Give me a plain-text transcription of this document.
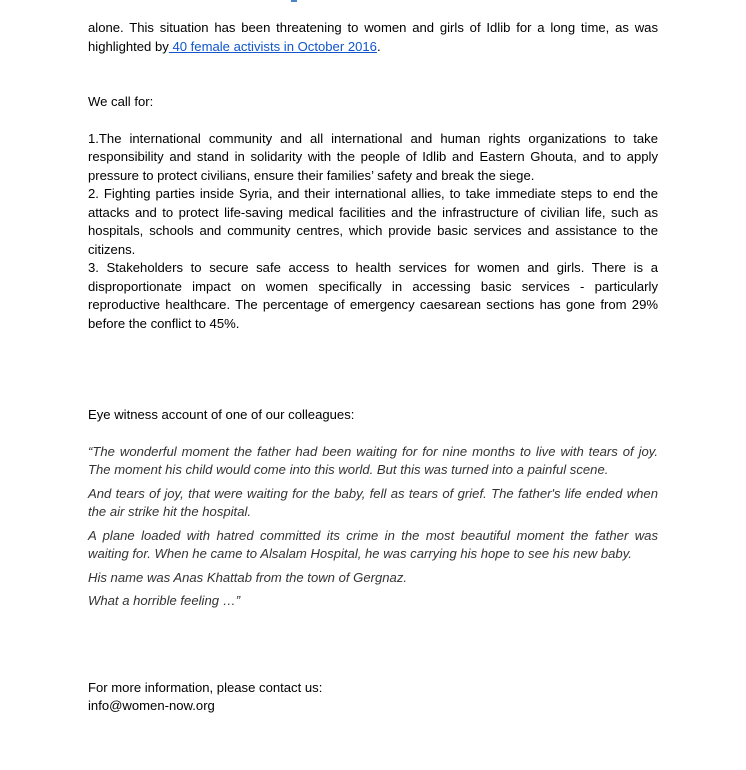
alone. This situation has been threatening to women and girls of Idlib for a long time, as was highlighted by 40 female activists in October 2016.

We call for:

1.The international community and all international and human rights organizations to take responsibility and stand in solidarity with the people of Idlib and Eastern Ghouta, and to apply pressure to protect civilians, ensure their families’ safety and break the siege.

2. Fighting parties inside Syria, and their international allies, to take immediate steps to end the attacks and to protect life-saving medical facilities and the infrastructure of civilian life, such as hospitals, schools and community centres, which provide basic services and assistance to the citizens.

3. Stakeholders to secure safe access to health services for women and girls. There is a disproportionate impact on women specifically in accessing basic services - particularly reproductive healthcare. The percentage of emergency caesarean sections has gone from 29% before the conflict to 45%.

Eye witness account of one of our colleagues:

“The wonderful moment the father had been waiting for for nine months to live with tears of joy. The moment his child would come into this world. But this was turned into a painful scene.

And tears of joy, that were waiting for the baby, fell as tears of grief. The father's life ended when the air strike hit the hospital.

A plane loaded with hatred committed its crime in the most beautiful moment the father was waiting for. When he came to Alsalam Hospital, he was carrying his hope to see his new baby.

His name was Anas Khattab from the town of Gergnaz.

What a horrible feeling …”

For more information, please contact us:

info@women-now.org
